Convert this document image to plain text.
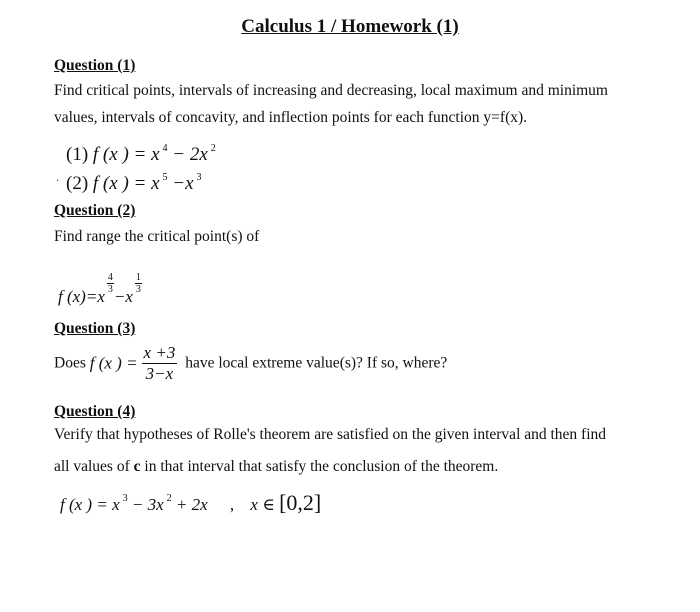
Calculus 1 / Homework (1)
Question (1)
Find critical points, intervals of increasing and decreasing, local maximum and minimum
values, intervals of concavity, and inflection points for each function y=f(x).
(1) f (x ) = x $^4$ − 2x $^2$
· (2) f (x ) = x $^5$ −x $^3$
Question (2)
Find range the critical point(s) of
f (x)=x
$\frac{4}{3}$
−x
$\frac{1}{3}$
Question (3)
Does f (x ) = $\frac{x +3}{3-x}$ have local extreme value(s)? If so, where?
Question (4)
Verify that hypotheses of Rolle's theorem are satisfied on the given interval and then find
all values of c in that interval that satisfy the conclusion of the theorem.
f (x ) = x $^3$ − 3x $^2$ + 2x , x ∈ [0,2]
